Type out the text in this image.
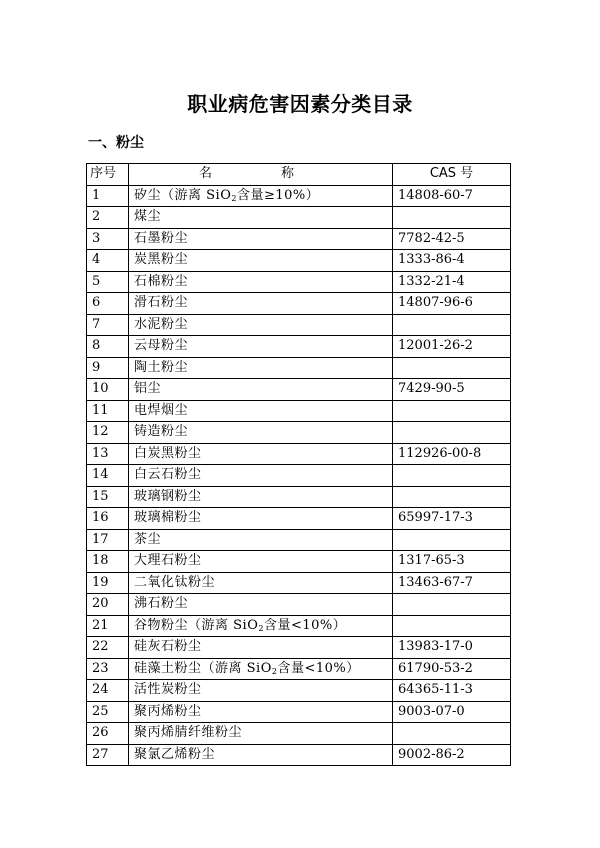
职业病危害因素分类目录
一、粉尘
序号	名　称	CAS 号
1	矽尘（游离 SiO$_2$含量≥10%）	14808-60-7
2	煤尘	
3	石墨粉尘	7782-42-5
4	炭黑粉尘	1333-86-4
5	石棉粉尘	1332-21-4
6	滑石粉尘	14807-96-6
7	水泥粉尘	
8	云母粉尘	12001-26-2
9	陶土粉尘	
10	铝尘	7429-90-5
11	电焊烟尘	
12	铸造粉尘	
13	白炭黑粉尘	112926-00-8
14	白云石粉尘	
15	玻璃钢粉尘	
16	玻璃棉粉尘	65997-17-3
17	茶尘	
18	大理石粉尘	1317-65-3
19	二氧化钛粉尘	13463-67-7
20	沸石粉尘	
21	谷物粉尘（游离 SiO$_2$含量<10%）	
22	硅灰石粉尘	13983-17-0
23	硅藻土粉尘（游离 SiO$_2$含量<10%）	61790-53-2
24	活性炭粉尘	64365-11-3
25	聚丙烯粉尘	9003-07-0
26	聚丙烯腈纤维粉尘	
27	聚氯乙烯粉尘	9002-86-2
